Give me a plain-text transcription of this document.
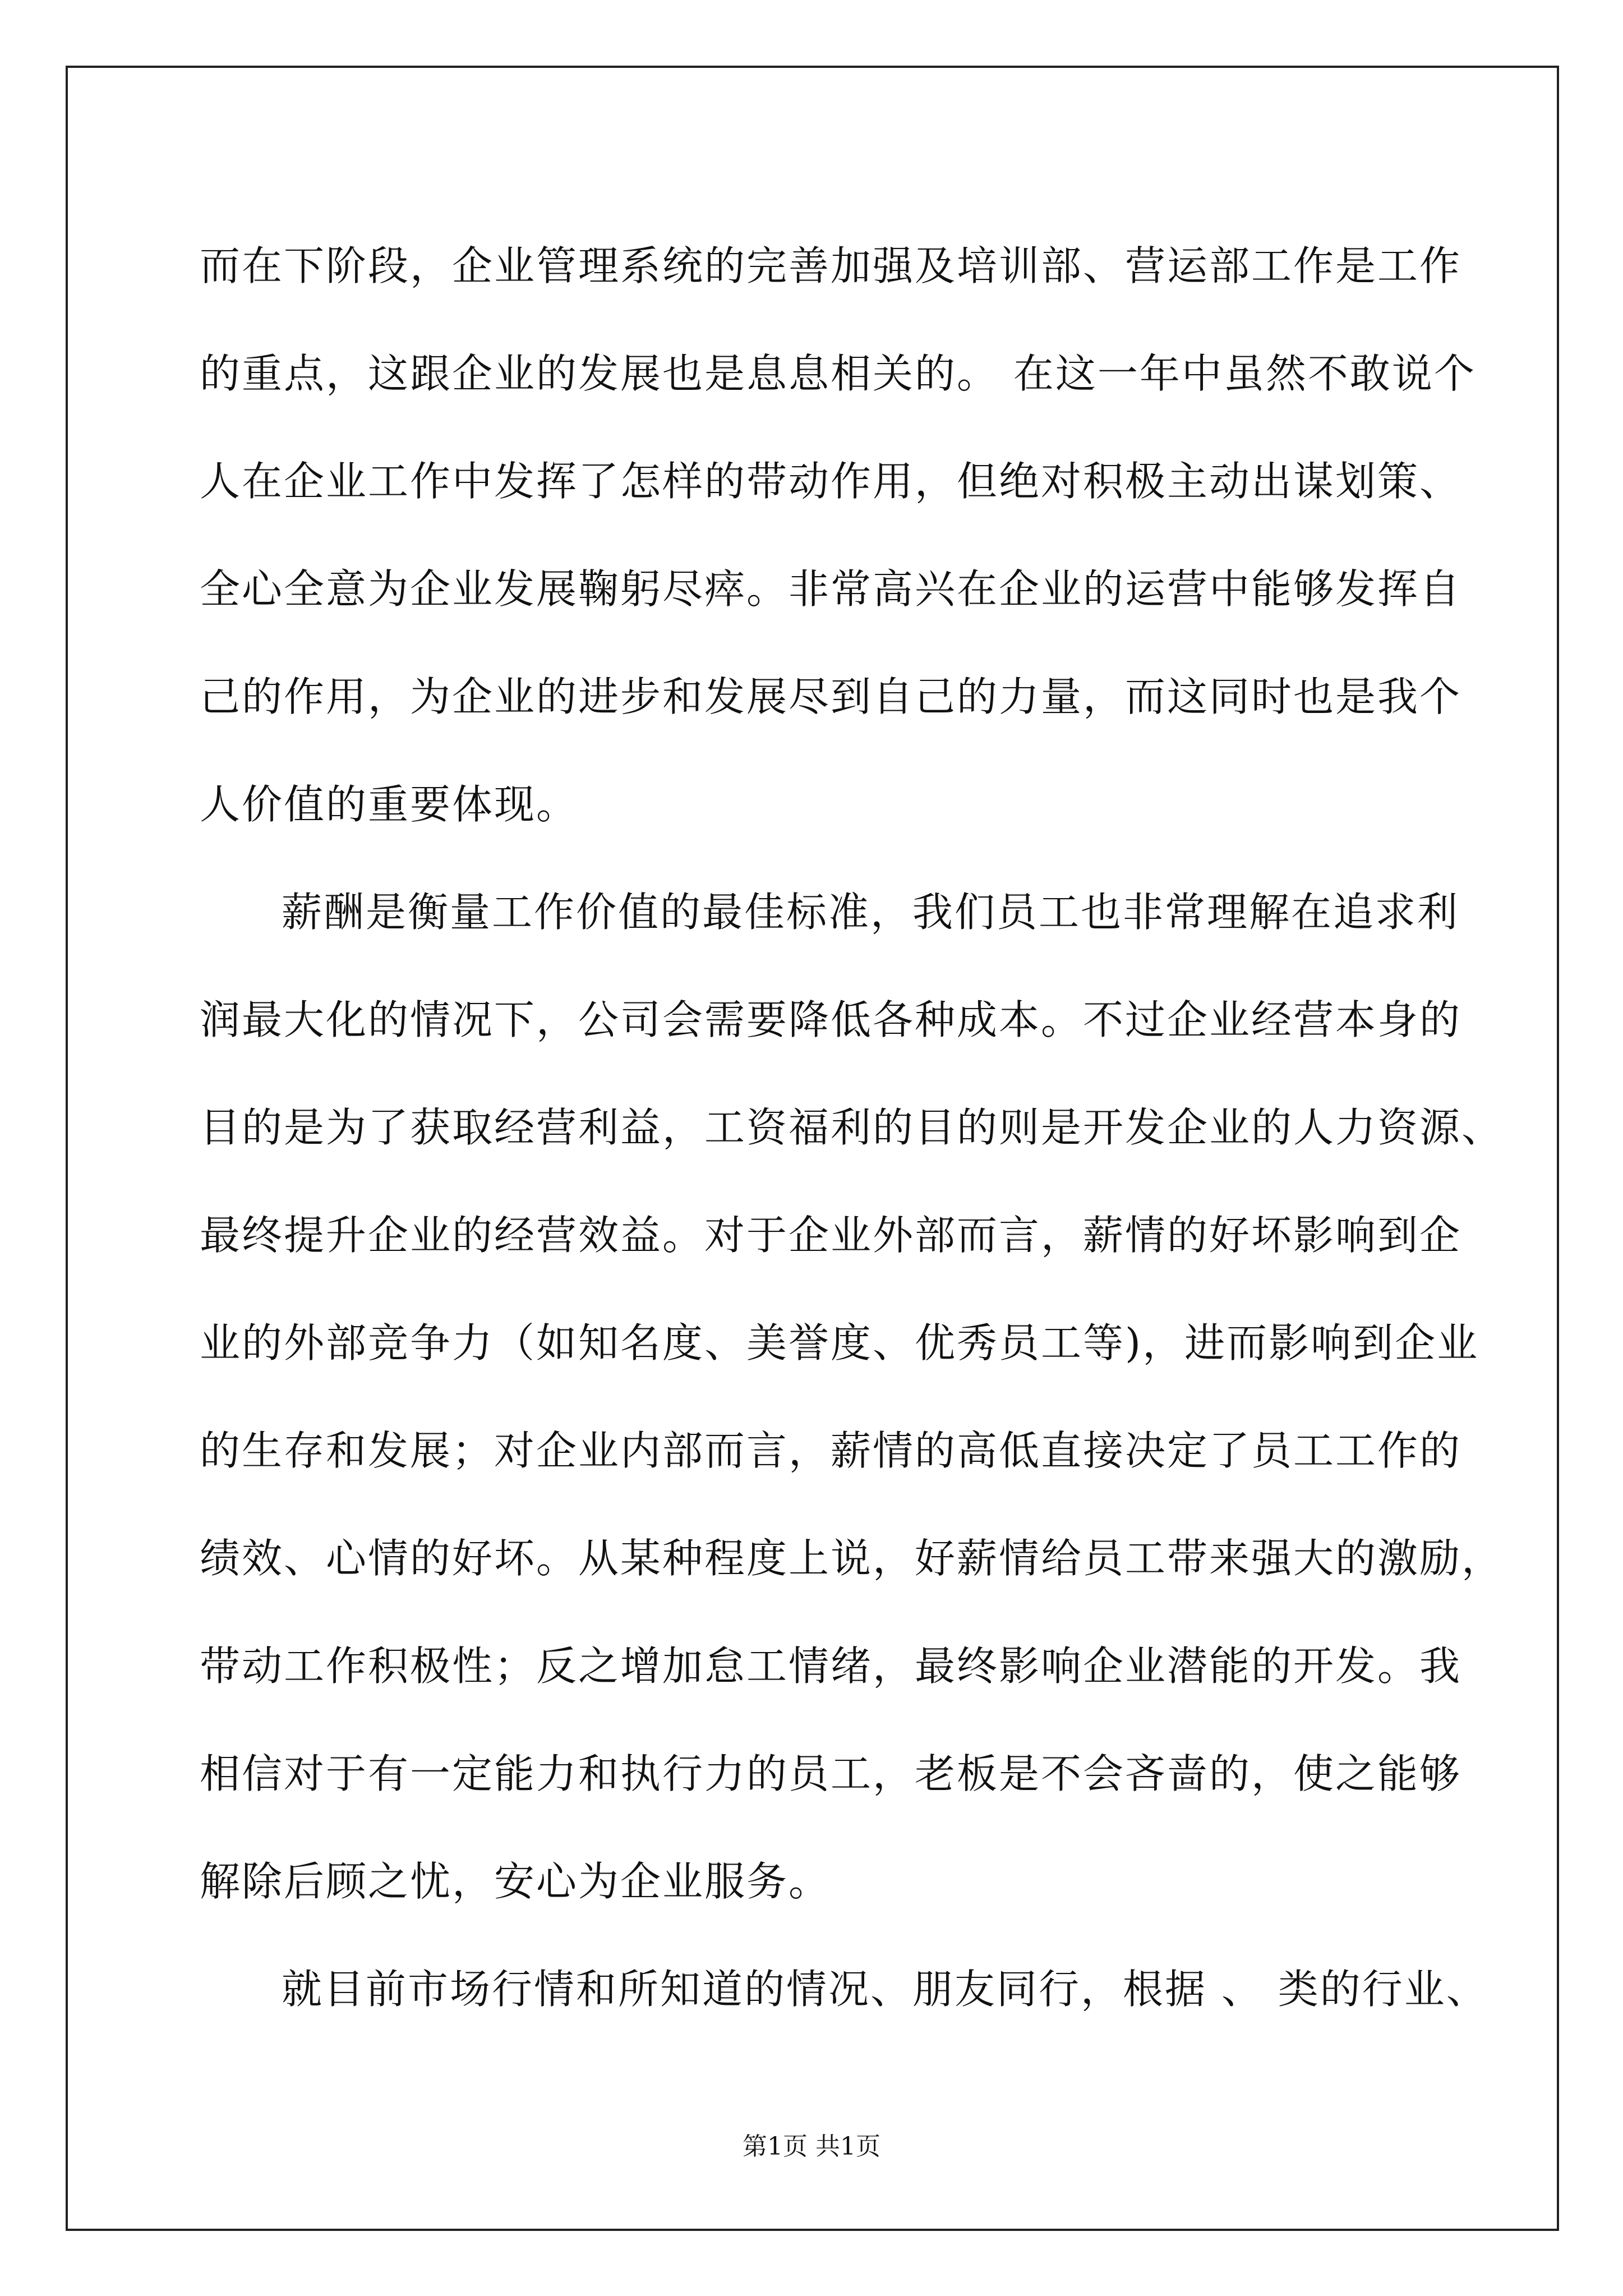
而在下阶段，企业管理系统的完善加强及培训部、营运部工作是工作
的重点，这跟企业的发展也是息息相关的。 在这一年中虽然不敢说个
人在企业工作中发挥了怎样的带动作用，但绝对积极主动出谋划策、
全心全意为企业发展鞠躬尽瘁。非常高兴在企业的运营中能够发挥自
己的作用，为企业的进步和发展尽到自己的力量，而这同时也是我个
人价值的重要体现。
薪酬是衡量工作价值的最佳标准，我们员工也非常理解在追求利
润最大化的情况下，公司会需要降低各种成本。不过企业经营本身的
目的是为了获取经营利益，工资福利的目的则是开发企业的人力资源、
最终提升企业的经营效益。对于企业外部而言，薪情的好坏影响到企
业的外部竞争力（如知名度、美誉度、优秀员工等)，进而影响到企业
的生存和发展；对企业内部而言，薪情的高低直接决定了员工工作的
绩效、心情的好坏。从某种程度上说，好薪情给员工带来强大的激励，
带动工作积极性；反之增加怠工情绪，最终影响企业潜能的开发。我
相信对于有一定能力和执行力的员工，老板是不会吝啬的，使之能够
解除后顾之忧，安心为企业服务。
就目前市场行情和所知道的情况、朋友同行，根据 、 类的行业、
第1页 共1页
